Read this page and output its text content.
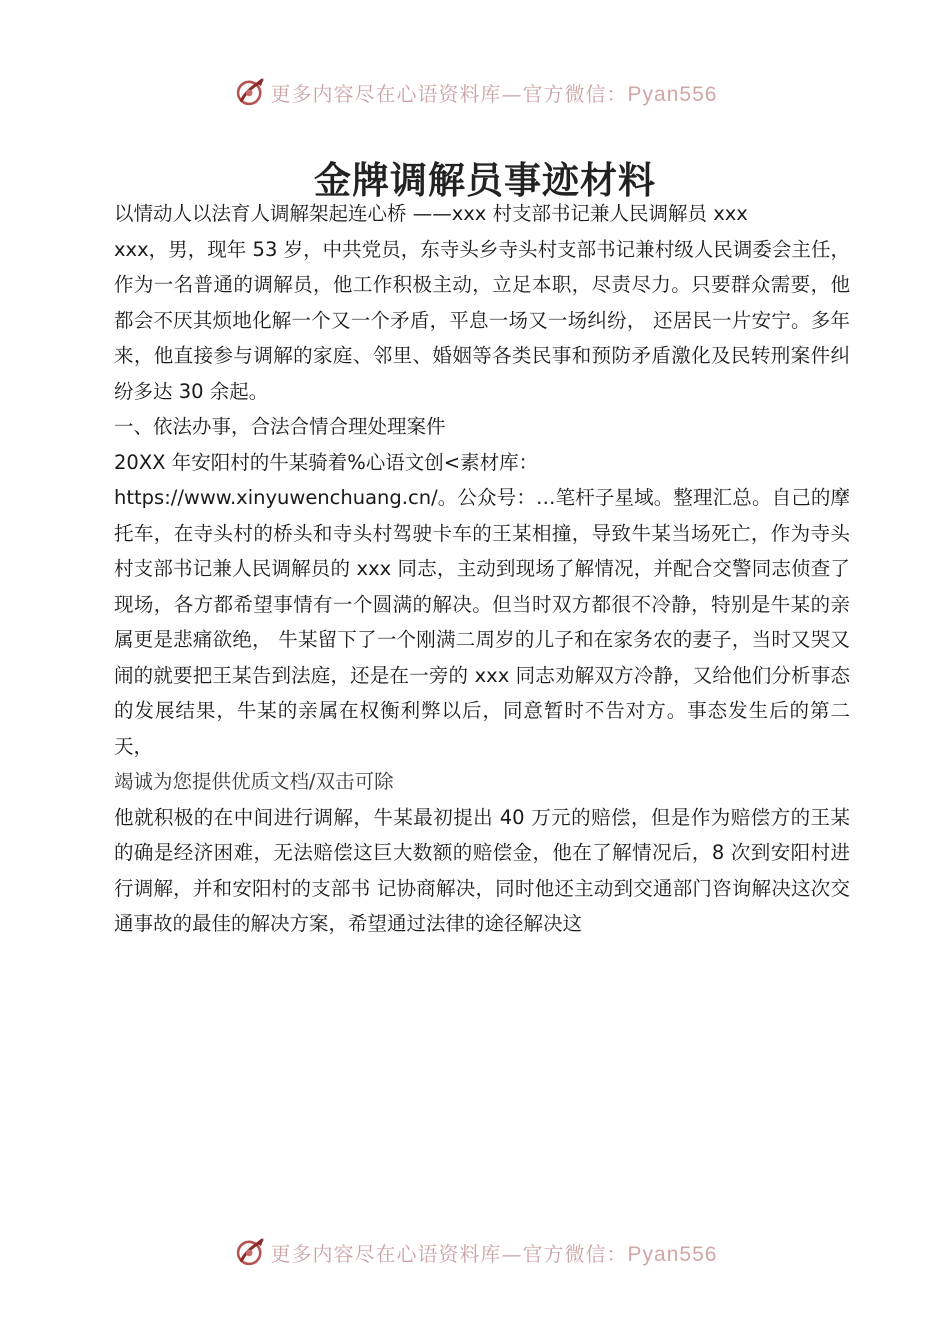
更多内容尽在心语资料库—官方微信：Pyan556
金牌调解员事迹材料

以情动人以法育人调解架起连心桥 ——xxx 村支部书记兼人民调解员 xxx

xxx，男，现年 53 岁，中共党员，东寺头乡寺头村支部书记兼村级人民调委会主任，作为一名普通的调解员，他工作积极主动，立足本职，尽责尽力。只要群众需要，他都会不厌其烦地化解一个又一个矛盾，平息一场又一场纠纷， 还居民一片安宁。多年来，他直接参与调解的家庭、邻里、婚姻等各类民事和预防矛盾激化及民转刑案件纠纷多达 30 余起。

一、依法办事，合法合情合理处理案件

20XX 年安阳村的牛某骑着%心语文创<素材库：

https://www.xinyuwenchuang.cn/。公众号：…笔杆子星域。整理汇总。自己的摩托车，在寺头村的桥头和寺头村驾驶卡车的王某相撞，导致牛某当场死亡，作为寺头村支部书记兼人民调解员的 xxx 同志，主动到现场了解情况，并配合交警同志侦查了现场，各方都希望事情有一个圆满的解决。但当时双方都很不冷静，特别是牛某的亲属更是悲痛欲绝， 牛某留下了一个刚满二周岁的儿子和在家务农的妻子，当时又哭又闹的就要把王某告到法庭，还是在一旁的 xxx 同志劝解双方冷静，又给他们分析事态的发展结果，牛某的亲属在权衡利弊以后，同意暂时不告对方。事态发生后的第二天，

竭诚为您提供优质文档/双击可除

他就积极的在中间进行调解，牛某最初提出 40 万元的赔偿，但是作为赔偿方的王某的确是经济困难，无法赔偿这巨大数额的赔偿金，他在了解情况后，8 次到安阳村进行调解，并和安阳村的支部书 记协商解决，同时他还主动到交通部门咨询解决这次交通事故的最佳的解决方案，希望通过法律的途径解决这

更多内容尽在心语资料库—官方微信：Pyan556
